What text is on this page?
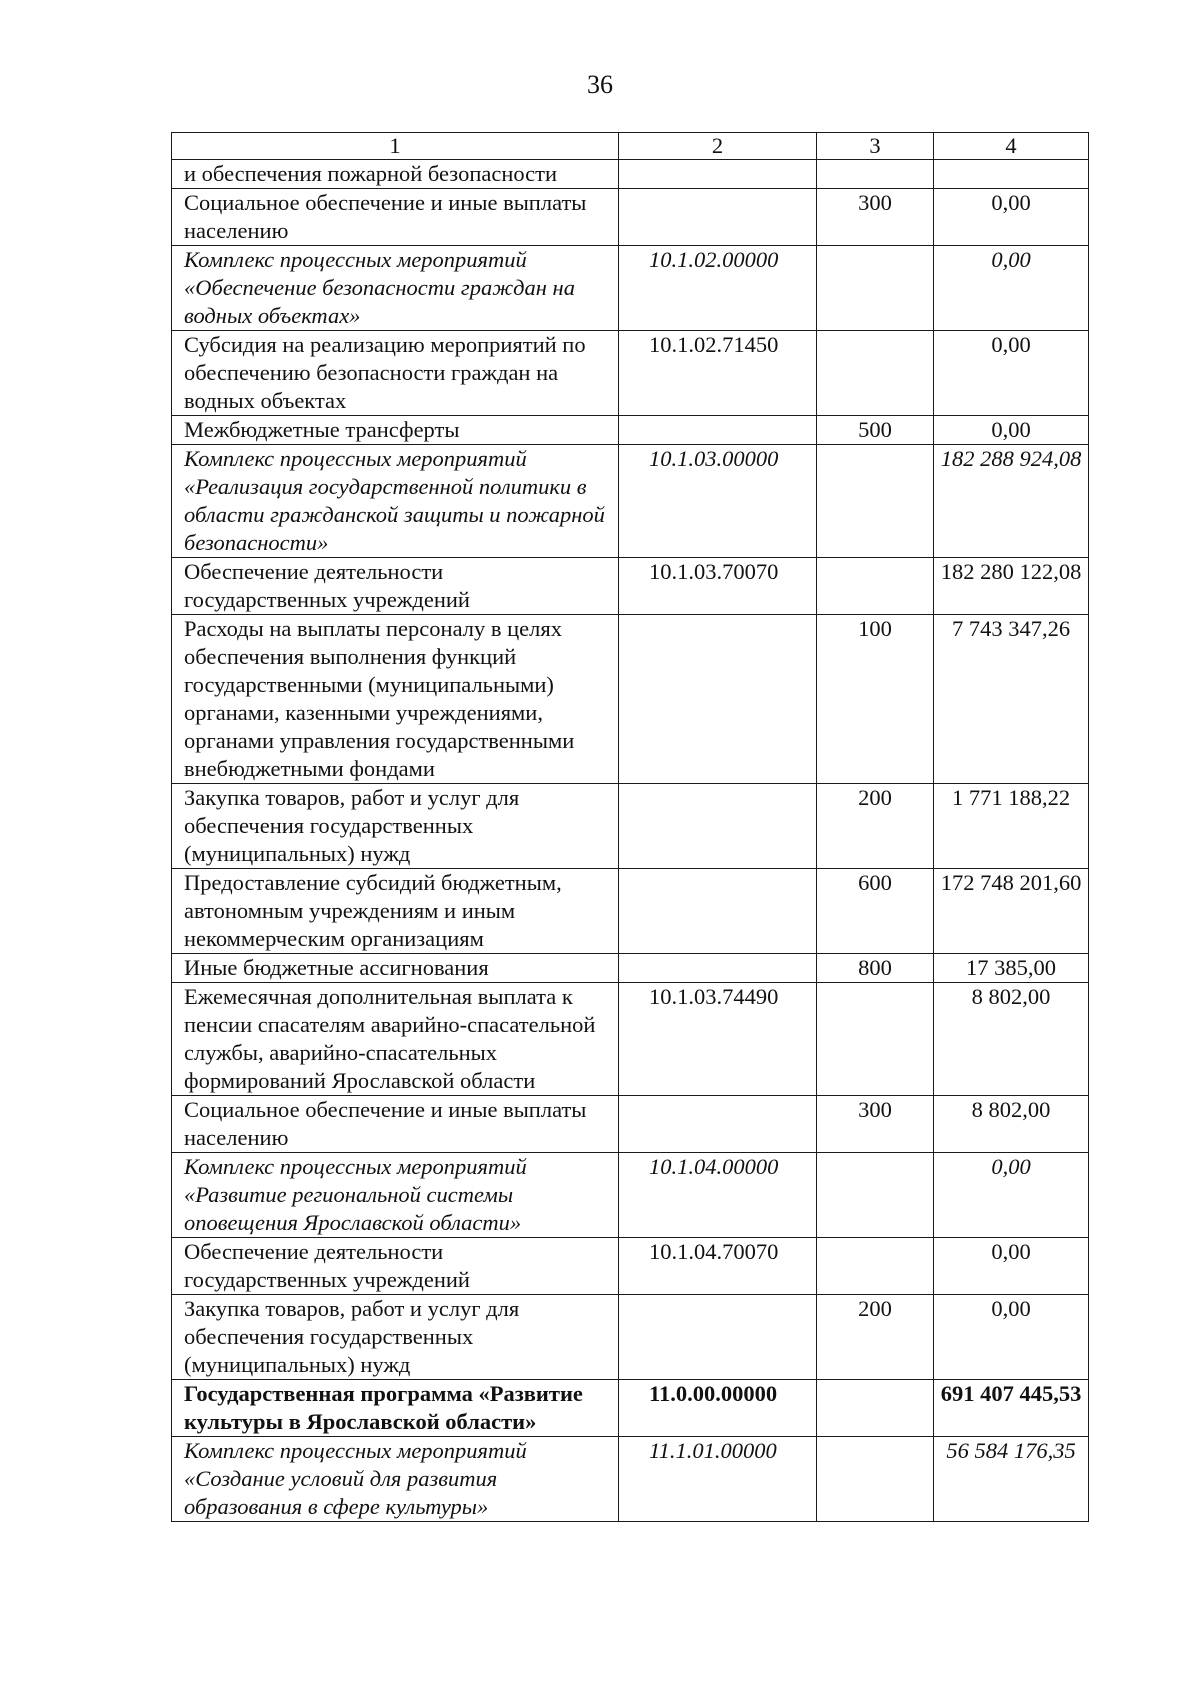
36
1	2	3	4
и обеспечения пожарной безопасности			
Социальное обеспечение и иные выплаты населению		300	0,00
Комплекс процессных мероприятий «Обеспечение безопасности граждан на водных объектах»	10.1.02.00000		0,00
Субсидия на реализацию мероприятий по обеспечению безопасности граждан на водных объектах	10.1.02.71450		0,00
Межбюджетные трансферты		500	0,00
Комплекс процессных мероприятий «Реализация государственной политики в области гражданской защиты и пожарной безопасности»	10.1.03.00000		182 288 924,08
Обеспечение деятельности государственных учреждений	10.1.03.70070		182 280 122,08
Расходы на выплаты персоналу в целях обеспечения выполнения функций государственными (муниципальными) органами, казенными учреждениями, органами управления государственными внебюджетными фондами		100	7 743 347,26
Закупка товаров, работ и услуг для обеспечения государственных (муниципальных) нужд		200	1 771 188,22
Предоставление субсидий бюджетным, автономным учреждениям и иным некоммерческим организациям		600	172 748 201,60
Иные бюджетные ассигнования		800	17 385,00
Ежемесячная дополнительная выплата к пенсии спасателям аварийно-спасательной службы, аварийно-спасательных формирований Ярославской области	10.1.03.74490		8 802,00
Социальное обеспечение и иные выплаты населению		300	8 802,00
Комплекс процессных мероприятий «Развитие региональной системы оповещения Ярославской области»	10.1.04.00000		0,00
Обеспечение деятельности государственных учреждений	10.1.04.70070		0,00
Закупка товаров, работ и услуг для обеспечения государственных (муниципальных) нужд		200	0,00
Государственная программа «Развитие культуры в Ярославской области»	11.0.00.00000		691 407 445,53
Комплекс процессных мероприятий «Создание условий для развития образования в сфере культуры»	11.1.01.00000		56 584 176,35
